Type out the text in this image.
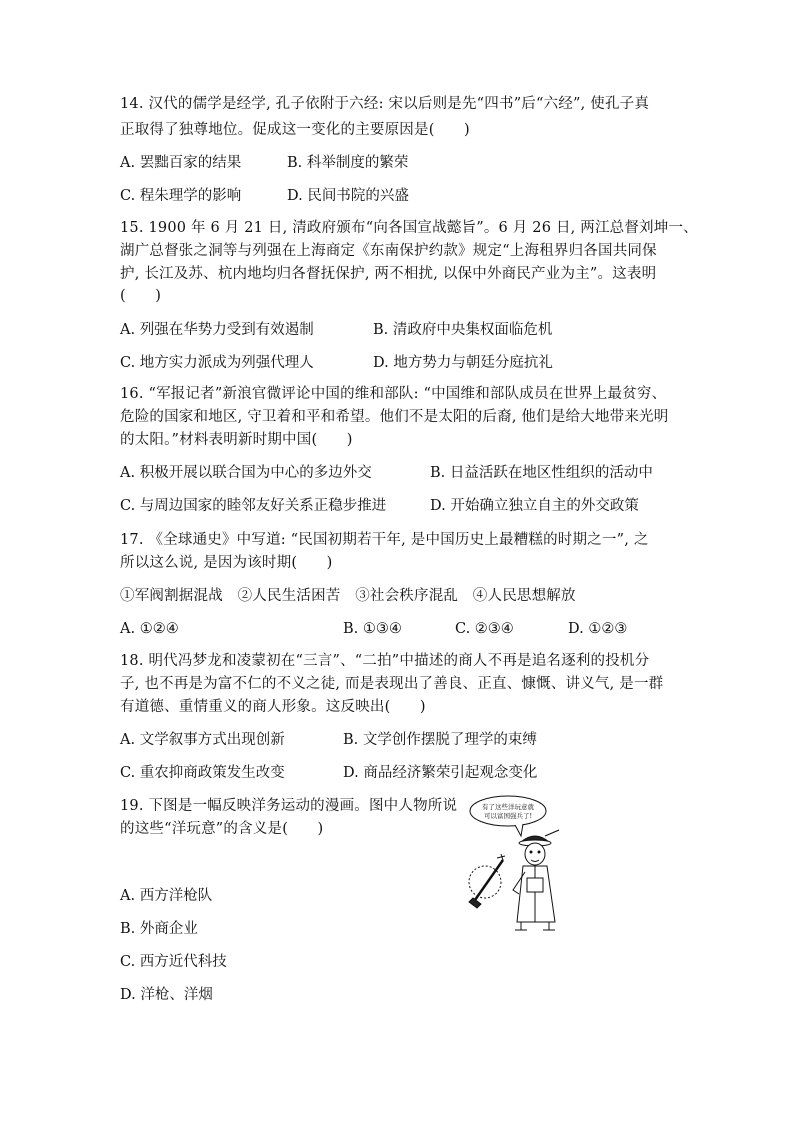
14. 汉代的儒学是经学, 孔子依附于六经: 宋以后则是先“四书”后“六经”, 使孔子真
正取得了独尊地位。促成这一变化的主要原因是(　　)
A. 罢黜百家的结果	B. 科举制度的繁荣
C. 程朱理学的影响	D. 民间书院的兴盛
15. 1900 年 6 月 21 日, 清政府颁布“向各国宣战懿旨”。6 月 26 日, 两江总督刘坤一、
湖广总督张之洞等与列强在上海商定《东南保护约款》规定“上海租界归各国共同保
护, 长江及苏、杭内地均归各督抚保护, 两不相扰, 以保中外商民产业为主”。这表明
(　　)
A. 列强在华势力受到有效遏制	B. 清政府中央集权面临危机
C. 地方实力派成为列强代理人	D. 地方势力与朝廷分庭抗礼
16. “军报记者”新浪官微评论中国的维和部队: “中国维和部队成员在世界上最贫穷、
危险的国家和地区, 守卫着和平和希望。他们不是太阳的后裔, 他们是给大地带来光明
的太阳。”材料表明新时期中国(　　)
A. 积极开展以联合国为中心的多边外交	B. 日益活跃在地区性组织的活动中
C. 与周边国家的睦邻友好关系正稳步推进	D. 开始确立独立自主的外交政策
17. 《全球通史》中写道: “民国初期若干年, 是中国历史上最糟糕的时期之一”, 之
所以这么说, 是因为该时期(　　)
①军阀割据混战　②人民生活困苦　③社会秩序混乱　④人民思想解放
A. ①②④	B. ①③④	C. ②③④	D. ①②③
18. 明代冯梦龙和凌蒙初在“三言”、“二拍”中描述的商人不再是追名逐利的投机分
子, 也不再是为富不仁的不义之徒, 而是表现出了善良、正直、慷慨、讲义气, 是一群
有道德、重情重义的商人形象。这反映出(　　)
A. 文学叙事方式出现创新	B. 文学创作摆脱了理学的束缚
C. 重农抑商政策发生改变	D. 商品经济繁荣引起观念变化
19. 下图是一幅反映洋务运动的漫画。图中人物所说
的这些“洋玩意”的含义是(　　)
A. 西方洋枪队
B. 外商企业
C. 西方近代科技
D. 洋枪、洋烟
有了这些洋玩意就
可以富国强兵了!
